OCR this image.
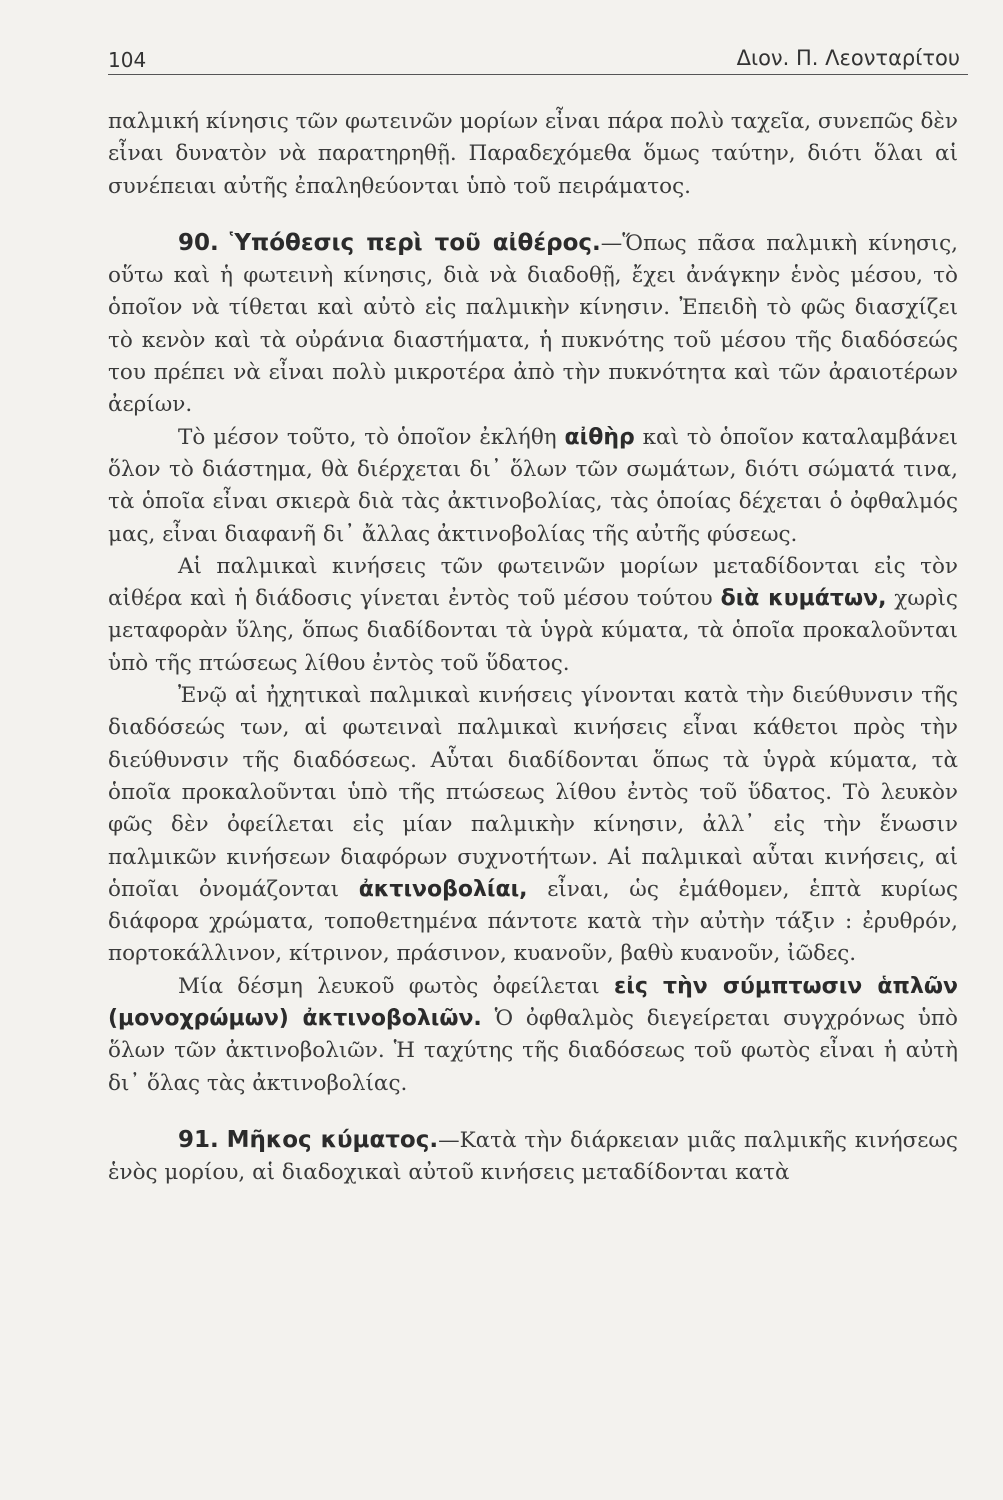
104	Διον. Π. Λεονταρίτου

παλμική κίνησις τῶν φωτεινῶν μορίων εἶναι πάρα πολὺ ταχεῖα, συνεπῶς δὲν εἶναι δυνατὸν νὰ παρατηρηθῇ. Παραδεχόμεθα ὅμως ταύτην, διότι ὅλαι αἱ συνέπειαι αὐτῆς ἐπαληθεύονται ὑπὸ τοῦ πειράματος.

90. Ὑπόθεσις περὶ τοῦ αἰθέρος.—Ὅπως πᾶσα παλμικὴ κίνησις, οὕτω καὶ ἡ φωτεινὴ κίνησις, διὰ νὰ διαδοθῇ, ἔχει ἀνάγκην ἑνὸς μέσου, τὸ ὁποῖον νὰ τίθεται καὶ αὐτὸ εἰς παλμικὴν κίνησιν. Ἐπειδὴ τὸ φῶς διασχίζει τὸ κενὸν καὶ τὰ οὐράνια διαστήματα, ἡ πυκνότης τοῦ μέσου τῆς διαδόσεώς του πρέπει νὰ εἶναι πολὺ μικροτέρα ἀπὸ τὴν πυκνότητα καὶ τῶν ἀραιοτέρων ἀερίων.

Τὸ μέσον τοῦτο, τὸ ὁποῖον ἐκλήθη αἰθὴρ καὶ τὸ ὁποῖον καταλαμβάνει ὅλον τὸ διάστημα, θὰ διέρχεται δι᾽ ὅλων τῶν σωμάτων, διότι σώματά τινα, τὰ ὁποῖα εἶναι σκιερὰ διὰ τὰς ἀκτινοβολίας, τὰς ὁποίας δέχεται ὁ ὀφθαλμός μας, εἶναι διαφανῆ δι᾽ ἄλλας ἀκτινοβολίας τῆς αὐτῆς φύσεως.

Αἱ παλμικαὶ κινήσεις τῶν φωτεινῶν μορίων μεταδίδονται εἰς τὸν αἰθέρα καὶ ἡ διάδοσις γίνεται ἐντὸς τοῦ μέσου τούτου διὰ κυμάτων, χωρὶς μεταφορὰν ὕλης, ὅπως διαδίδονται τὰ ὑγρὰ κύματα, τὰ ὁποῖα προκαλοῦνται ὑπὸ τῆς πτώσεως λίθου ἐντὸς τοῦ ὕδατος.

Ἐνῷ αἱ ἠχητικαὶ παλμικαὶ κινήσεις γίνονται κατὰ τὴν διεύθυνσιν τῆς διαδόσεώς των, αἱ φωτειναὶ παλμικαὶ κινήσεις εἶναι κάθετοι πρὸς τὴν διεύθυνσιν τῆς διαδόσεως. Αὗται διαδίδονται ὅπως τὰ ὑγρὰ κύματα, τὰ ὁποῖα προκαλοῦνται ὑπὸ τῆς πτώσεως λίθου ἐντὸς τοῦ ὕδατος. Τὸ λευκὸν φῶς δὲν ὀφείλεται εἰς μίαν παλμικὴν κίνησιν, ἀλλ᾽ εἰς τὴν ἕνωσιν παλμικῶν κινήσεων διαφόρων συχνοτήτων. Αἱ παλμικαὶ αὗται κινήσεις, αἱ ὁποῖαι ὀνομάζονται ἀκτινοβολίαι, εἶναι, ὡς ἐμάθομεν, ἑπτὰ κυρίως διάφορα χρώματα, τοποθετημένα πάντοτε κατὰ τὴν αὐτὴν τάξιν : ἐρυθρόν, πορτοκάλλινον, κίτρινον, πράσινον, κυανοῦν, βαθὺ κυανοῦν, ἰῶδες.

Μία δέσμη λευκοῦ φωτὸς ὀφείλεται εἰς τὴν σύμπτωσιν ἁπλῶν (μονοχρώμων) ἀκτινοβολιῶν. Ὁ ὀφθαλμὸς διεγείρεται συγχρόνως ὑπὸ ὅλων τῶν ἀκτινοβολιῶν. Ἡ ταχύτης τῆς διαδόσεως τοῦ φωτὸς εἶναι ἡ αὐτὴ δι᾽ ὅλας τὰς ἀκτινοβολίας.

91. Μῆκος κύματος.—Κατὰ τὴν διάρκειαν μιᾶς παλμικῆς κινήσεως ἑνὸς μορίου, αἱ διαδοχικαὶ αὐτοῦ κινήσεις μεταδίδονται κατὰ
